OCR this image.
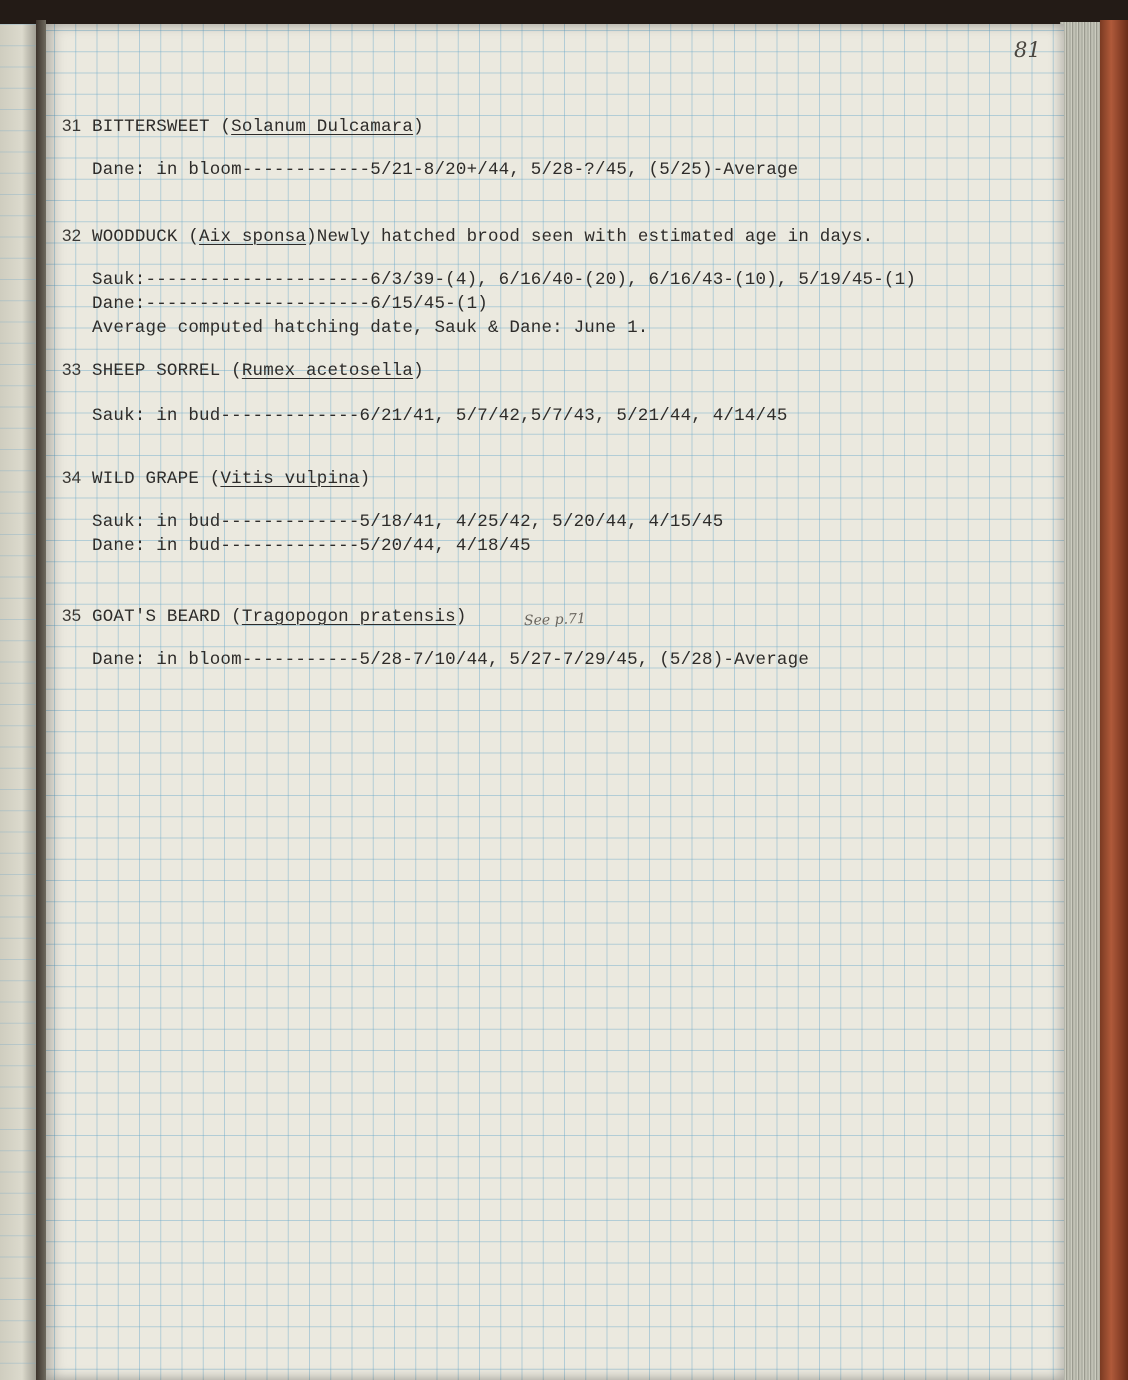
81
31 BITTERSWEET (Solanum Dulcamara)
Dane: in bloom------------5/21-8/20+/44, 5/28-?/45, (5/25)-Average
32 WOODDUCK (Aix sponsa)Newly hatched brood seen with estimated age in days.
Sauk:---------------------6/3/39-(4), 6/16/40-(20), 6/16/43-(10), 5/19/45-(1)
Dane:---------------------6/15/45-(1)
Average computed hatching date, Sauk & Dane: June 1.
33 SHEEP SORREL (Rumex acetosella)
Sauk: in bud-------------6/21/41, 5/7/42,5/7/43, 5/21/44, 4/14/45
34 WILD GRAPE (Vitis vulpina)
Sauk: in bud-------------5/18/41, 4/25/42, 5/20/44, 4/15/45
Dane: in bud-------------5/20/44, 4/18/45
35 GOAT'S BEARD (Tragopogon pratensis)	See p.71
Dane: in bloom-----------5/28-7/10/44, 5/27-7/29/45, (5/28)-Average
